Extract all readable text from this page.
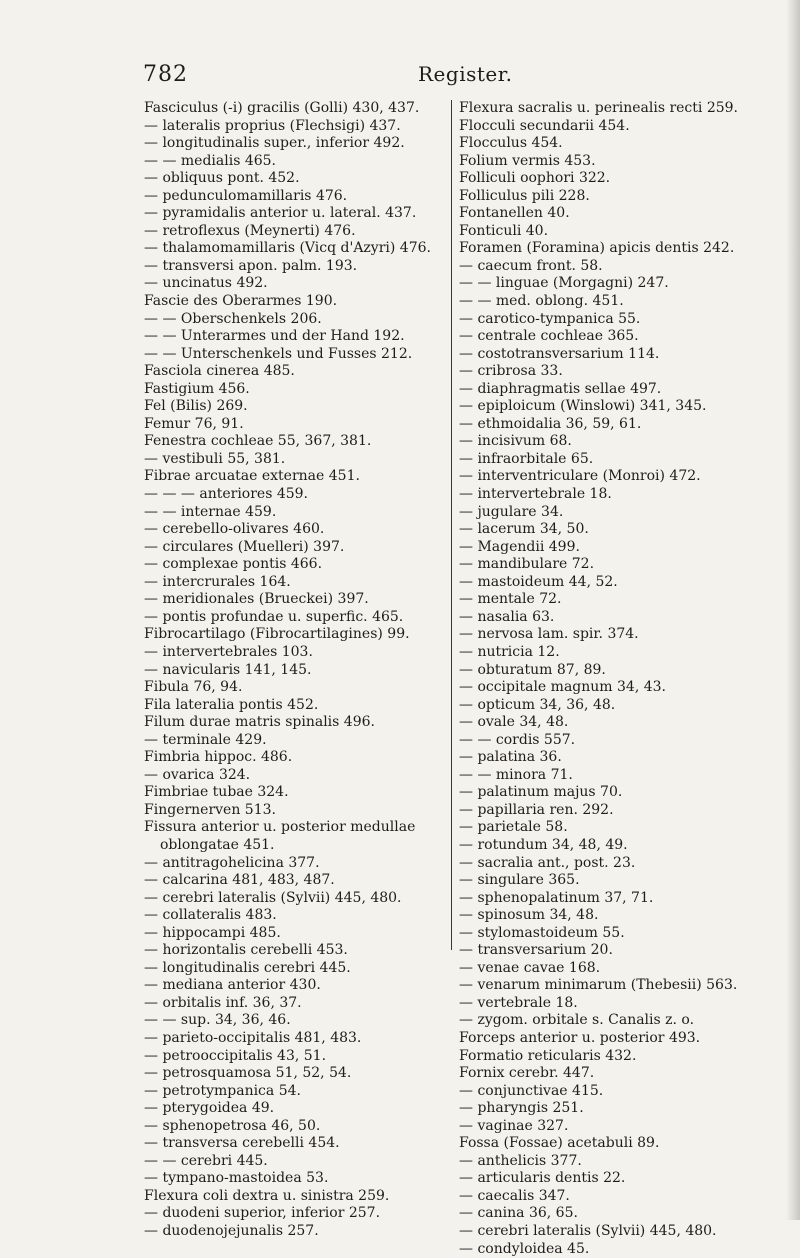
782	Register.
Fasciculus (-i) gracilis (Golli) 430, 437.
— lateralis proprius (Flechsigi) 437.
— longitudinalis super., inferior 492.
— — medialis 465.
— obliquus pont. 452.
— pedunculomamillaris 476.
— pyramidalis anterior u. lateral. 437.
— retroflexus (Meynerti) 476.
— thalamomamillaris (Vicq d'Azyri) 476.
— transversi apon. palm. 193.
— uncinatus 492.
Fascie des Oberarmes 190.
— — Oberschenkels 206.
— — Unterarmes und der Hand 192.
— — Unterschenkels und Fusses 212.
Fasciola cinerea 485.
Fastigium 456.
Fel (Bilis) 269.
Femur 76, 91.
Fenestra cochleae 55, 367, 381.
— vestibuli 55, 381.
Fibrae arcuatae externae 451.
— — — anteriores 459.
— — internae 459.
— cerebello-olivares 460.
— circulares (Muelleri) 397.
— complexae pontis 466.
— intercrurales 164.
— meridionales (Brueckei) 397.
— pontis profundae u. superfic. 465.
Fibrocartilago (Fibrocartilagines) 99.
— intervertebrales 103.
— navicularis 141, 145.
Fibula 76, 94.
Fila lateralia pontis 452.
Filum durae matris spinalis 496.
— terminale 429.
Fimbria hippoc. 486.
— ovarica 324.
Fimbriae tubae 324.
Fingernerven 513.
Fissura anterior u. posterior medullae oblongatae 451.
— antitragohelicina 377.
— calcarina 481, 483, 487.
— cerebri lateralis (Sylvii) 445, 480.
— collateralis 483.
— hippocampi 485.
— horizontalis cerebelli 453.
— longitudinalis cerebri 445.
— mediana anterior 430.
— orbitalis inf. 36, 37.
— — sup. 34, 36, 46.
— parieto-occipitalis 481, 483.
— petrooccipitalis 43, 51.
— petrosquamosa 51, 52, 54.
— petrotympanica 54.
— pterygoidea 49.
— sphenopetrosa 46, 50.
— transversa cerebelli 454.
— — cerebri 445.
— tympano-mastoidea 53.
Flexura coli dextra u. sinistra 259.
— duodeni superior, inferior 257.
— duodenojejunalis 257.
Flexura sacralis u. perinealis recti 259.
Flocculi secundarii 454.
Flocculus 454.
Folium vermis 453.
Folliculi oophori 322.
Folliculus pili 228.
Fontanellen 40.
Fonticuli 40.
Foramen (Foramina) apicis dentis 242.
— caecum front. 58.
— — linguae (Morgagni) 247.
— — med. oblong. 451.
— carotico-tympanica 55.
— centrale cochleae 365.
— costotransversarium 114.
— cribrosa 33.
— diaphragmatis sellae 497.
— epiploicum (Winslowi) 341, 345.
— ethmoidalia 36, 59, 61.
— incisivum 68.
— infraorbitale 65.
— interventriculare (Monroi) 472.
— intervertebrale 18.
— jugulare 34.
— lacerum 34, 50.
— Magendii 499.
— mandibulare 72.
— mastoideum 44, 52.
— mentale 72.
— nasalia 63.
— nervosa lam. spir. 374.
— nutricia 12.
— obturatum 87, 89.
— occipitale magnum 34, 43.
— opticum 34, 36, 48.
— ovale 34, 48.
— — cordis 557.
— palatina 36.
— — minora 71.
— palatinum majus 70.
— papillaria ren. 292.
— parietale 58.
— rotundum 34, 48, 49.
— sacralia ant., post. 23.
— singulare 365.
— sphenopalatinum 37, 71.
— spinosum 34, 48.
— stylomastoideum 55.
— transversarium 20.
— venae cavae 168.
— venarum minimarum (Thebesii) 563.
— vertebrale 18.
— zygom. orbitale s. Canalis z. o.
Forceps anterior u. posterior 493.
Formatio reticularis 432.
Fornix cerebr. 447.
— conjunctivae 415.
— pharyngis 251.
— vaginae 327.
Fossa (Fossae) acetabuli 89.
— anthelicis 377.
— articularis dentis 22.
— caecalis 347.
— canina 36, 65.
— cerebri lateralis (Sylvii) 445, 480.
— condyloidea 45.
